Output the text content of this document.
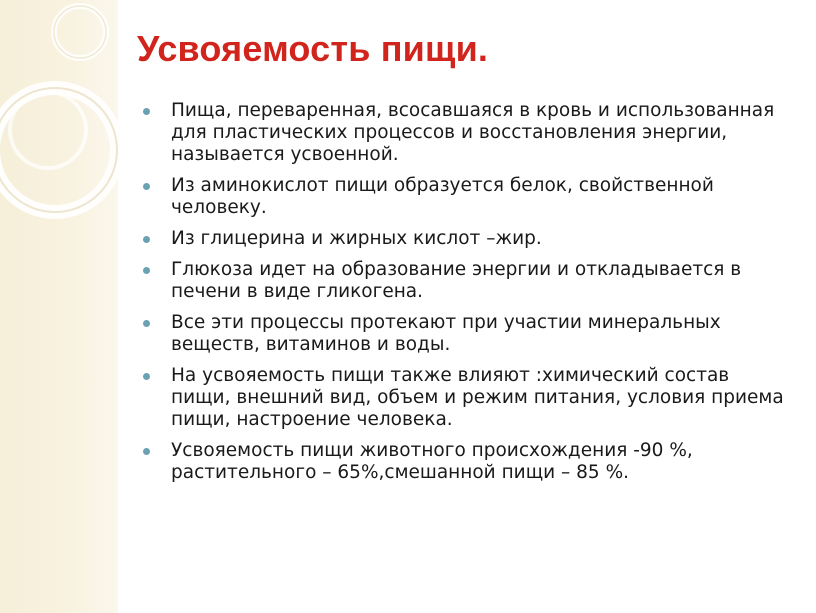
Усвояемость пищи.
Пища, переваренная, всосавшаяся в кровь и использованная для пластических процессов и восстановления энергии, называется усвоенной.
Из аминокислот пищи образуется белок, свойственной человеку.
Из глицерина и жирных кислот –жир.
Глюкоза идет на образование энергии и откладывается в печени в виде гликогена.
Все эти процессы протекают при участии минеральных веществ, витаминов и воды.
На усвояемость пищи также влияют :химический состав пищи, внешний вид, объем и режим питания, условия приема пищи, настроение человека.
Усвояемость пищи животного происхождения -90 %, растительного – 65%,смешанной пищи – 85 %.
